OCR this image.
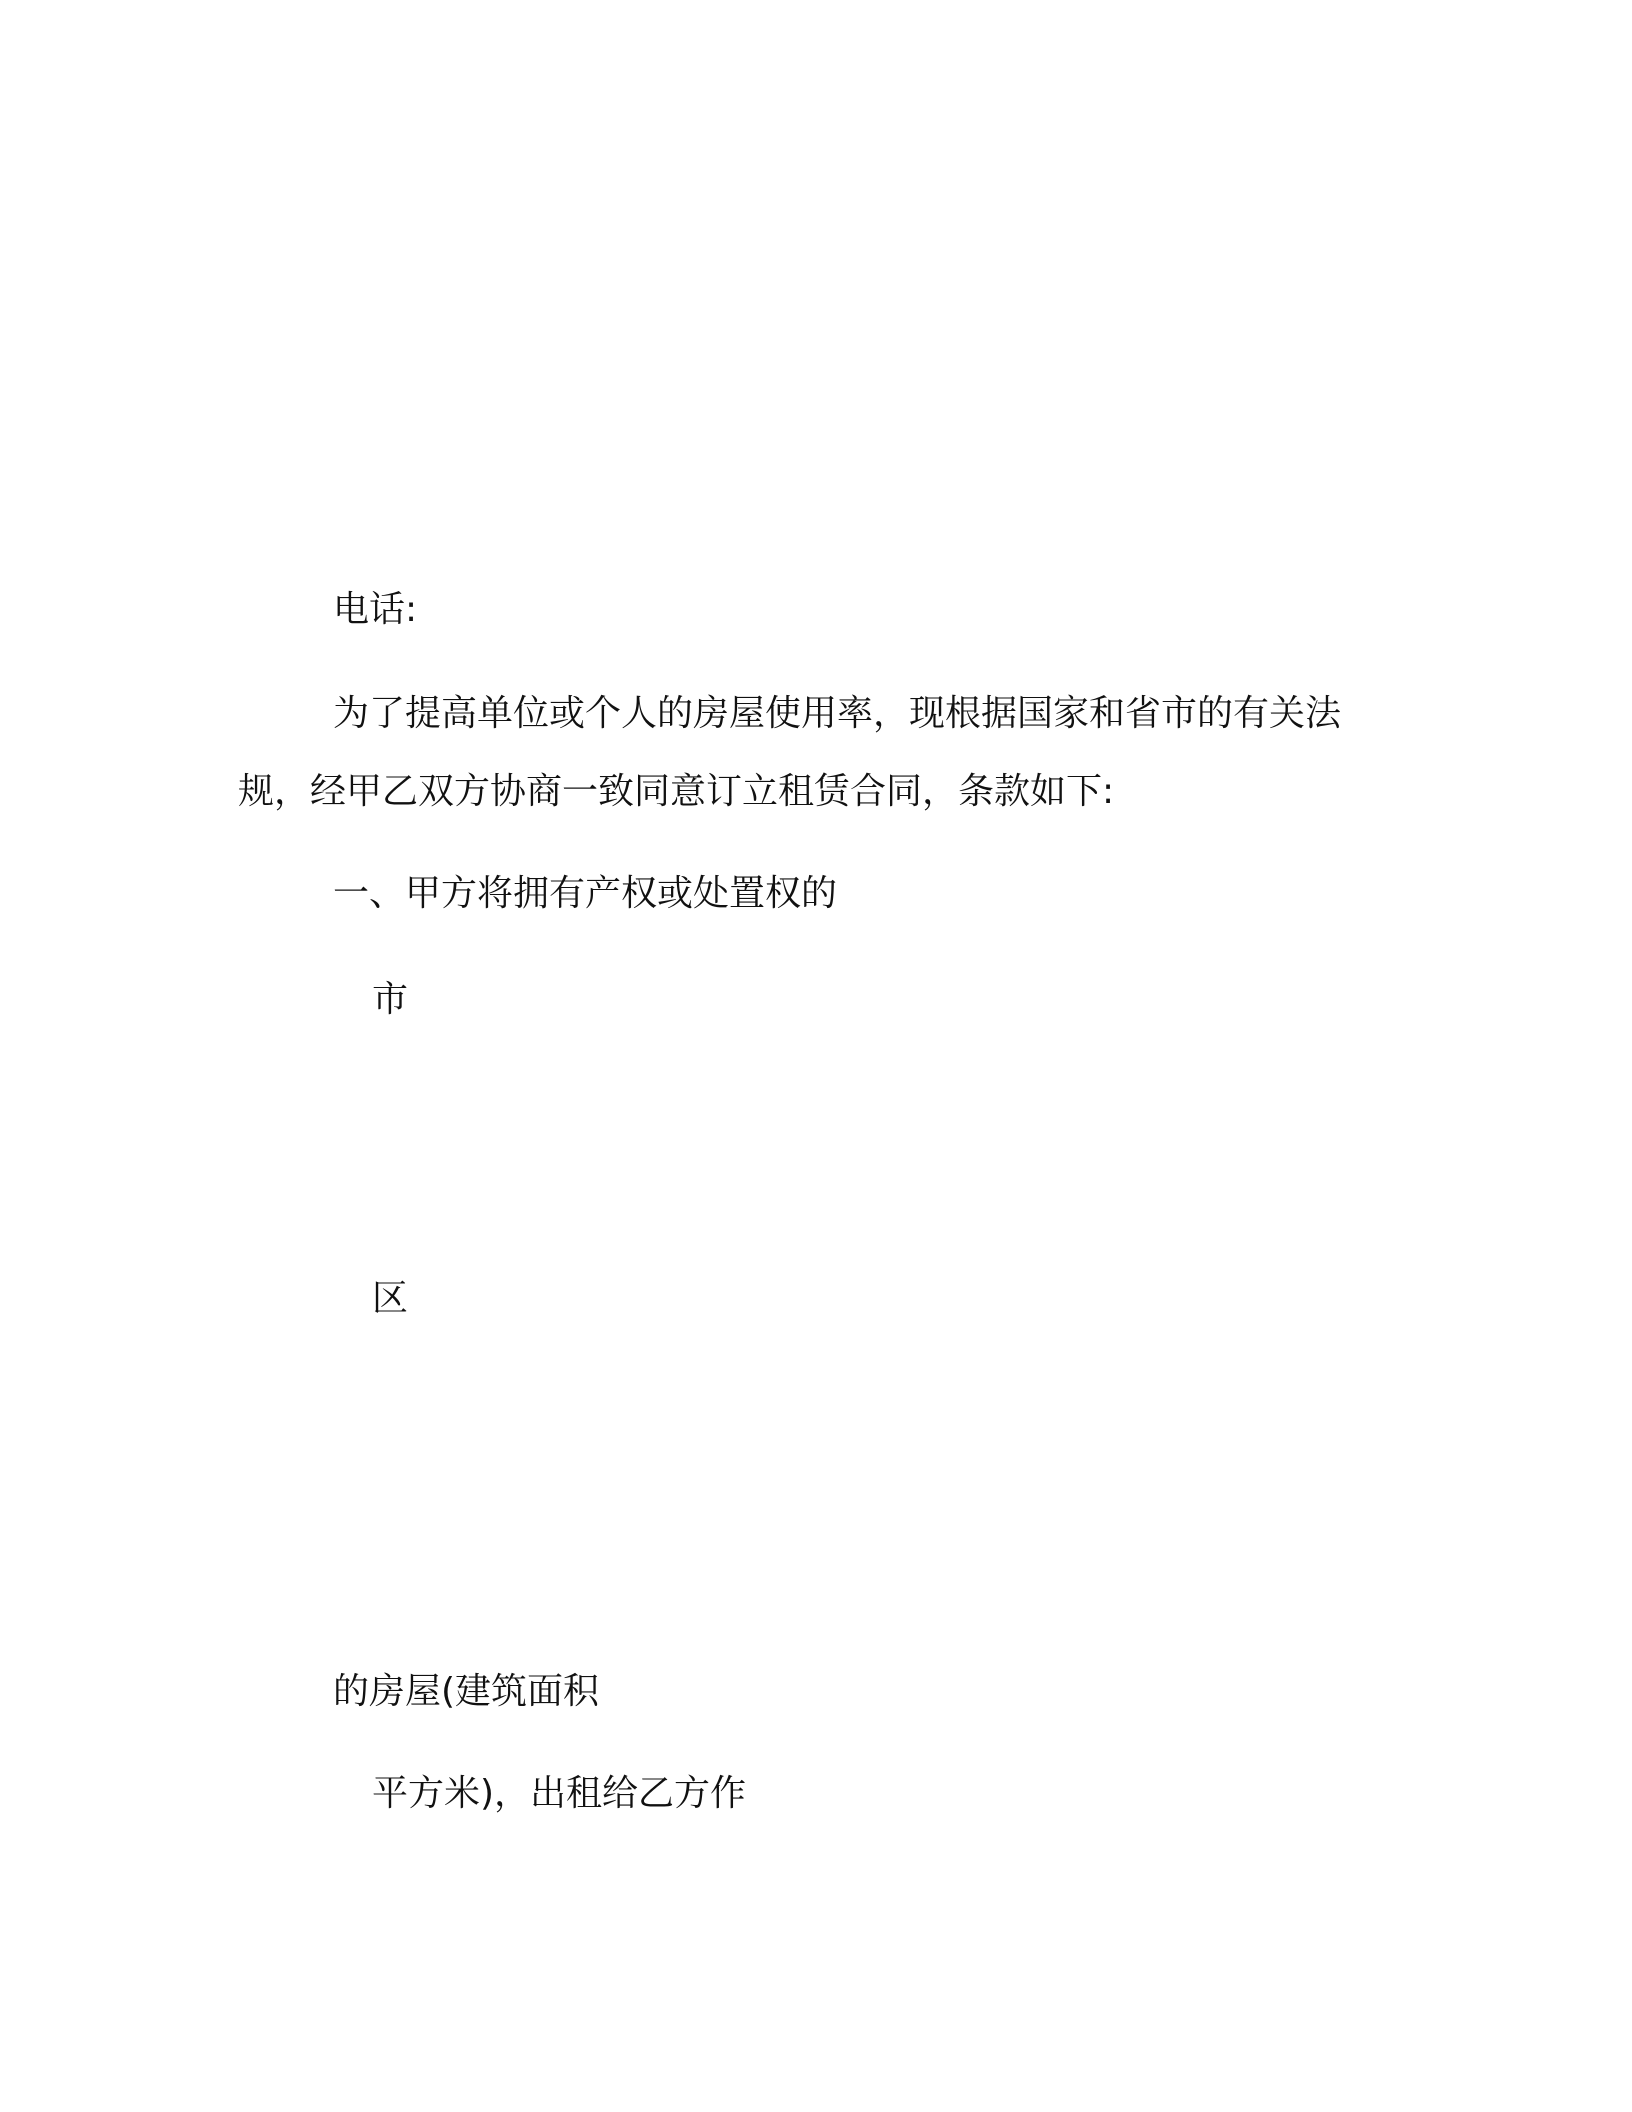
电话:
为了提高单位或个人的房屋使用率，现根据国家和省市的有关法
规，经甲乙双方协商一致同意订立租赁合同，条款如下:
一、甲方将拥有产权或处置权的
市
区
的房屋(建筑面积
平方米)，出租给乙方作
